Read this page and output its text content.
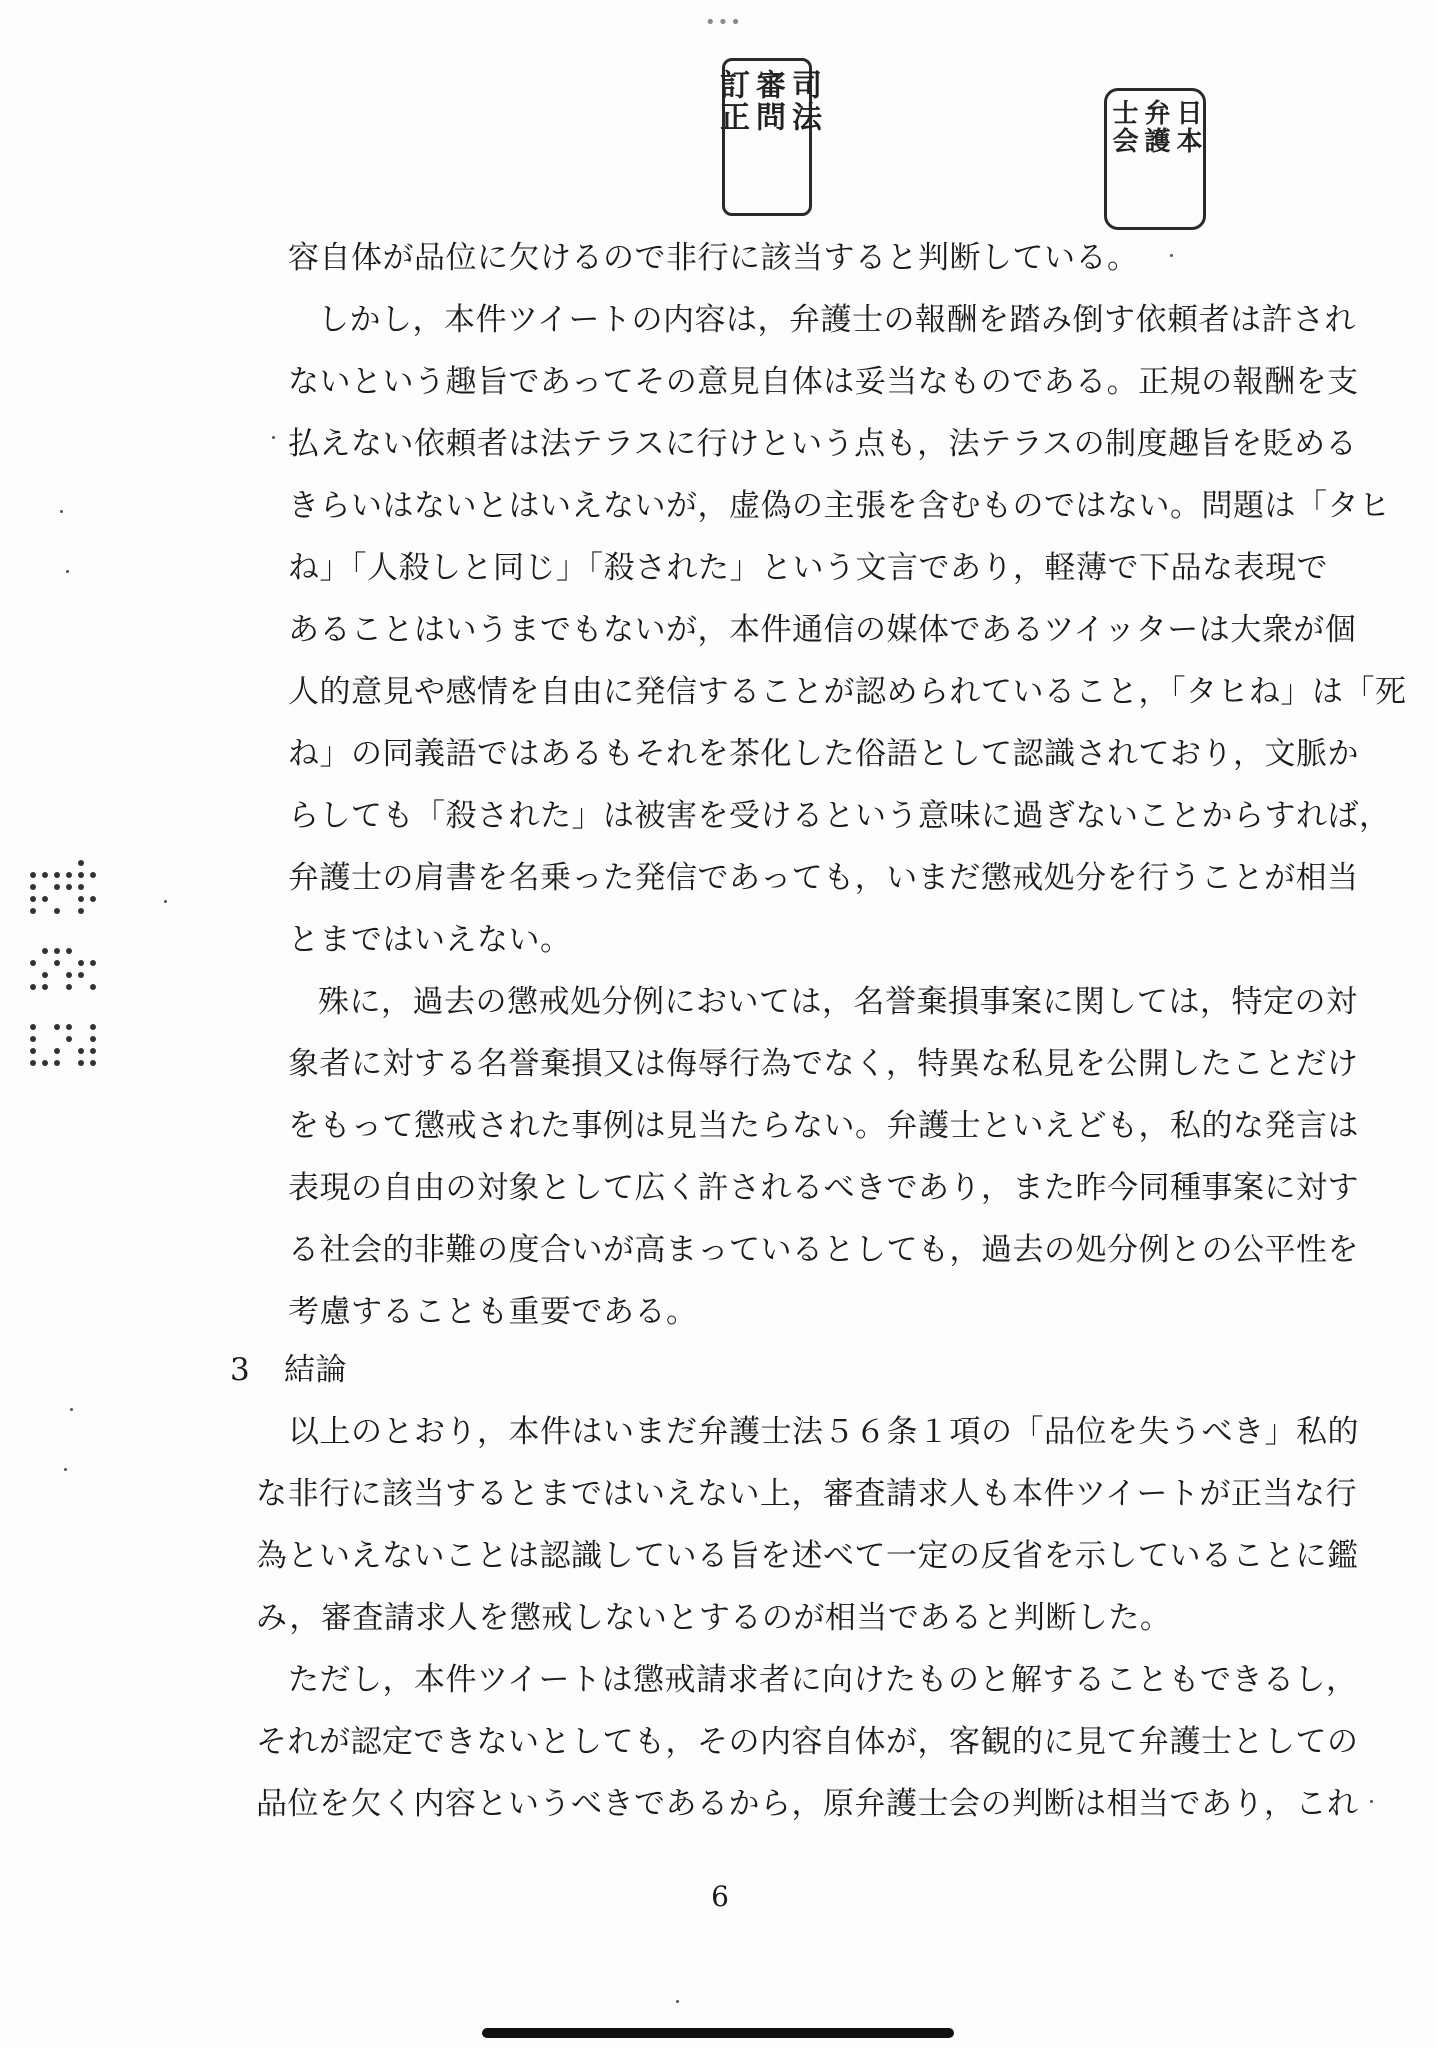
•••
司法
審問
訂正	日本
弁護
士会
容自体が品位に欠けるので非行に該当すると判断している。
しかし，本件ツイートの内容は，弁護士の報酬を踏み倒す依頼者は許され
ないという趣旨であってその意見自体は妥当なものである。正規の報酬を支
払えない依頼者は法テラスに行けという点も，法テラスの制度趣旨を貶める
きらいはないとはいえないが，虚偽の主張を含むものではない。問題は「タヒ
ね」「人殺しと同じ」「殺された」という文言であり，軽薄で下品な表現で
あることはいうまでもないが，本件通信の媒体であるツイッターは大衆が個
人的意見や感情を自由に発信することが認められていること，「タヒね」は「死
ね」の同義語ではあるもそれを茶化した俗語として認識されており，文脈か
らしても「殺された」は被害を受けるという意味に過ぎないことからすれば，
弁護士の肩書を名乗った発信であっても，いまだ懲戒処分を行うことが相当
とまではいえない。
殊に，過去の懲戒処分例においては，名誉棄損事案に関しては，特定の対
象者に対する名誉棄損又は侮辱行為でなく，特異な私見を公開したことだけ
をもって懲戒された事例は見当たらない。弁護士といえども，私的な発言は
表現の自由の対象として広く許されるべきであり，また昨今同種事案に対す
る社会的非難の度合いが高まっているとしても，過去の処分例との公平性を
考慮することも重要である。
3 結論
以上のとおり，本件はいまだ弁護士法５６条１項の「品位を失うべき」私的
な非行に該当するとまではいえない上，審査請求人も本件ツイートが正当な行
為といえないことは認識している旨を述べて一定の反省を示していることに鑑
み，審査請求人を懲戒しないとするのが相当であると判断した。
ただし，本件ツイートは懲戒請求者に向けたものと解することもできるし，
それが認定できないとしても，その内容自体が，客観的に見て弁護士としての
品位を欠く内容というべきであるから，原弁護士会の判断は相当であり，これ
6
